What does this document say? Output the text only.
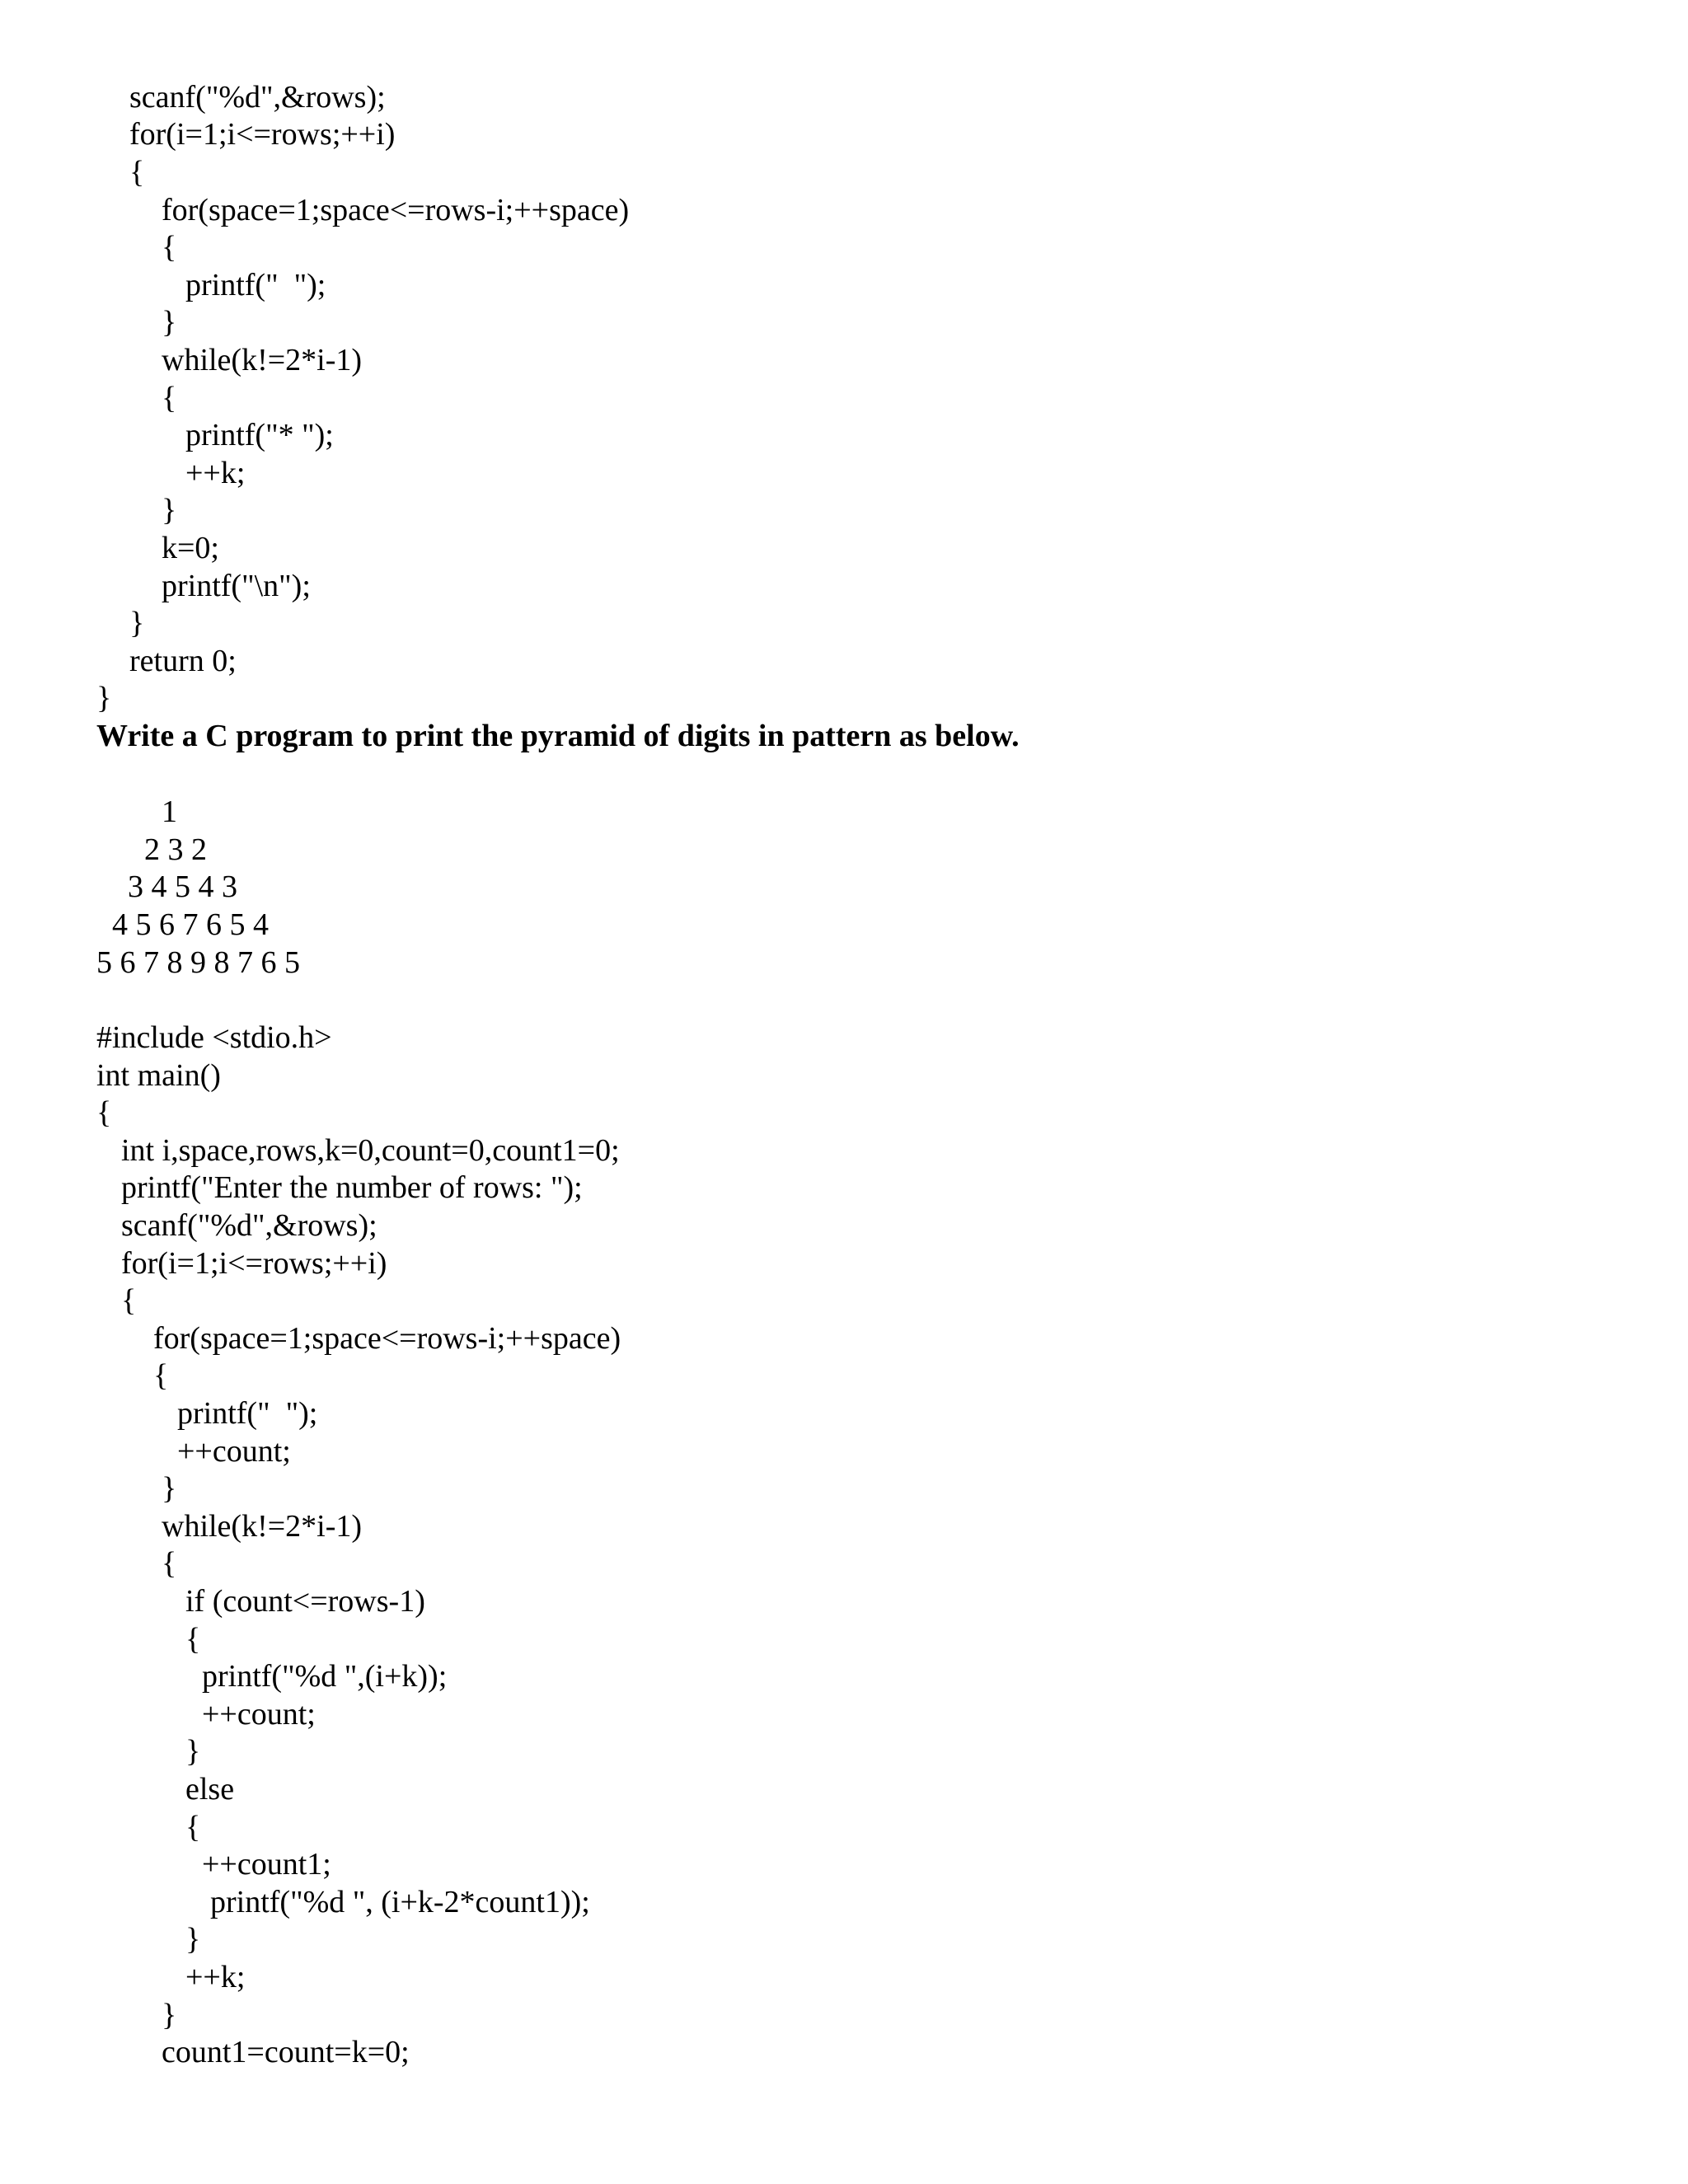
scanf("%d",&rows);

for(i=1;i<=rows;++i)

{

for(space=1;space<=rows-i;++space)

{

printf("  ");

}

while(k!=2*i-1)

{

printf("* ");

++k;

}

k=0;

printf("\n");

}

return 0;

}

Write a C program to print the pyramid of digits in pattern as below.

1

2 3 2

3 4 5 4 3

4 5 6 7 6 5 4

5 6 7 8 9 8 7 6 5

#include <stdio.h>

int main()

{

int i,space,rows,k=0,count=0,count1=0;

printf("Enter the number of rows: ");

scanf("%d",&rows);

for(i=1;i<=rows;++i)

{

for(space=1;space<=rows-i;++space)

{

printf("  ");

++count;

}

while(k!=2*i-1)

{

if (count<=rows-1)

{

printf("%d ",(i+k));

++count;

}

else

{

++count1;

printf("%d ", (i+k-2*count1));

}

++k;

}

count1=count=k=0;
